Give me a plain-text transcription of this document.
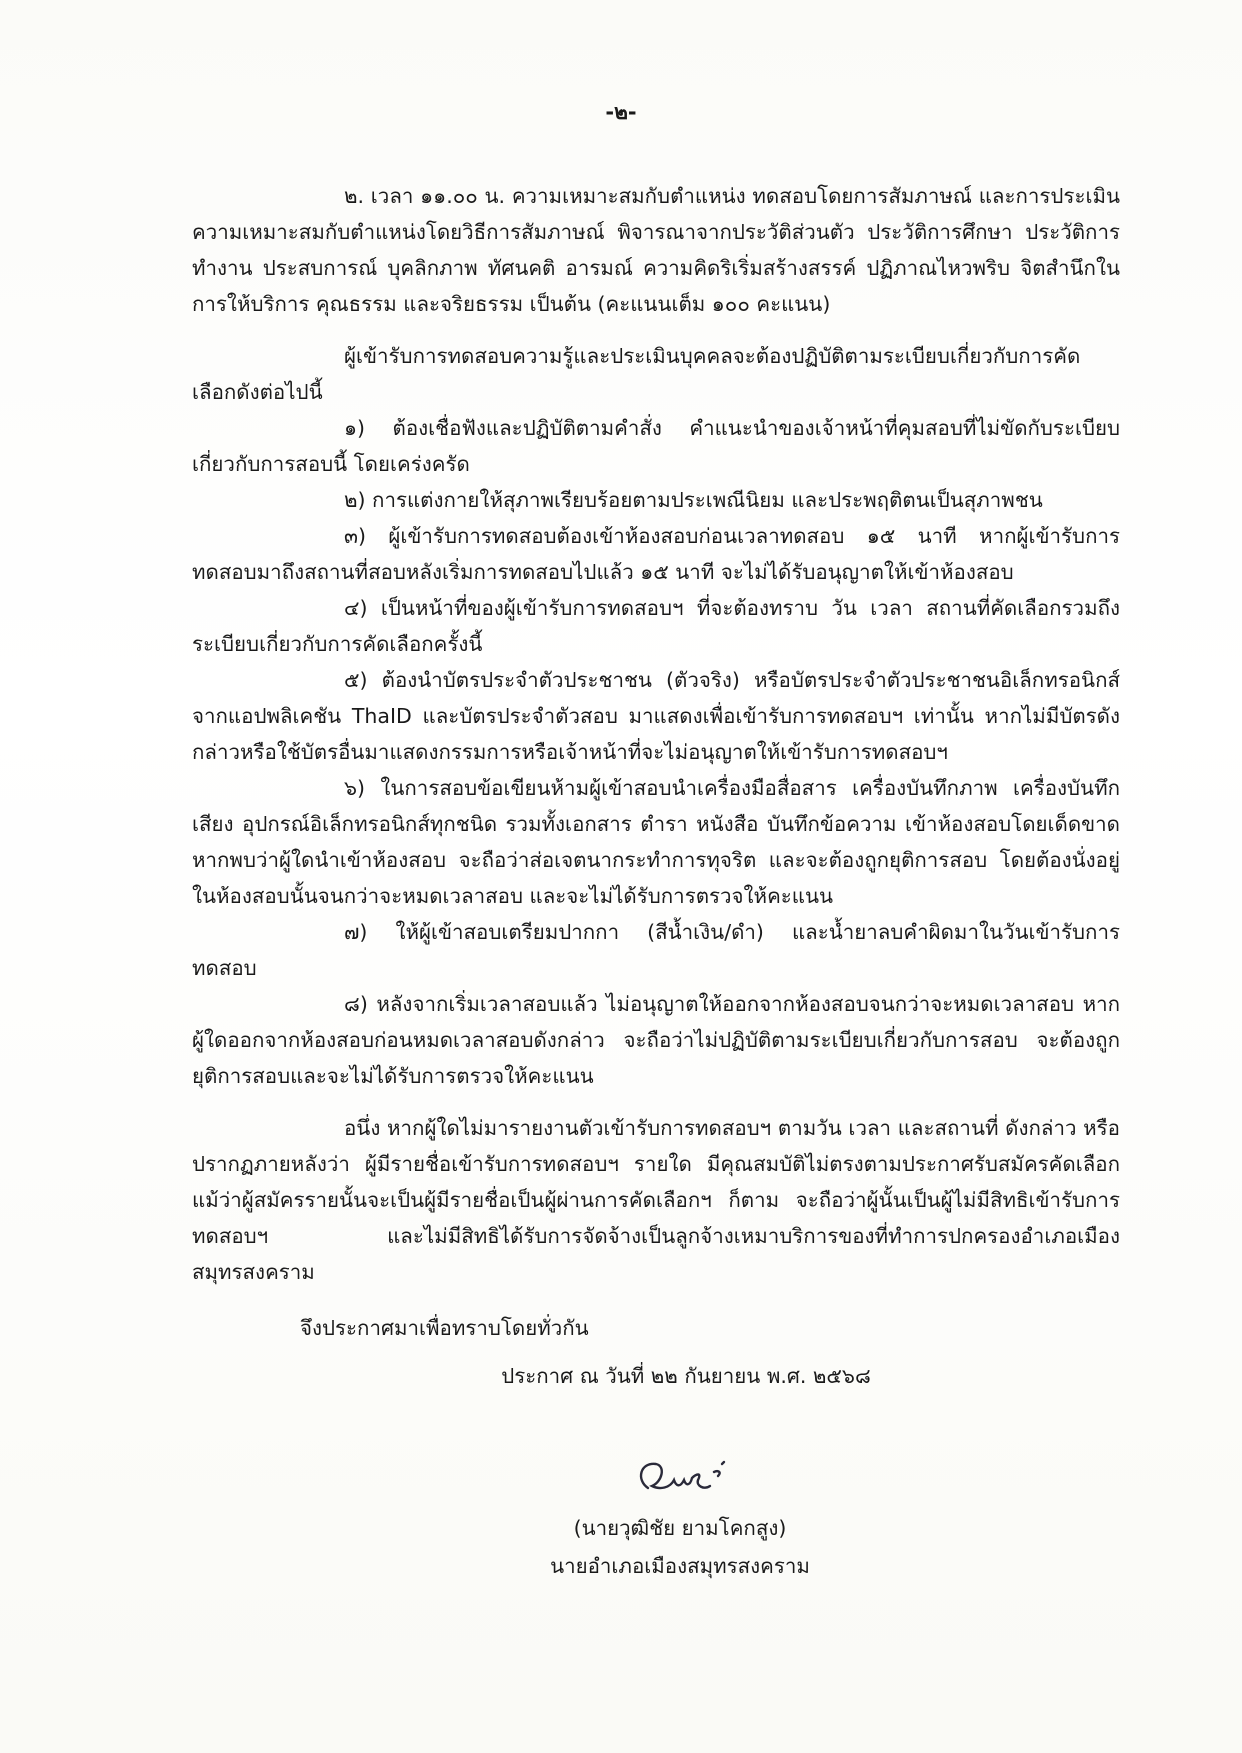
-๒-

๒. เวลา ๑๑.๐๐ น. ความเหมาะสมกับตำแหน่ง ทดสอบโดยการสัมภาษณ์ และการประเมินความเหมาะสมกับตำแหน่งโดยวิธีการสัมภาษณ์ พิจารณาจากประวัติส่วนตัว ประวัติการศึกษา ประวัติการทำงาน ประสบการณ์ บุคลิกภาพ ทัศนคติ อารมณ์ ความคิดริเริ่มสร้างสรรค์ ปฏิภาณไหวพริบ จิตสำนึกในการให้บริการ คุณธรรม และจริยธรรม เป็นต้น (คะแนนเต็ม ๑๐๐ คะแนน)

ผู้เข้ารับการทดสอบความรู้และประเมินบุคคลจะต้องปฏิบัติตามระเบียบเกี่ยวกับการคัดเลือกดังต่อไปนี้

๑) ต้องเชื่อฟังและปฏิบัติตามคำสั่ง คำแนะนำของเจ้าหน้าที่คุมสอบที่ไม่ขัดกับระเบียบเกี่ยวกับการสอบนี้ โดยเคร่งครัด

๒) การแต่งกายให้สุภาพเรียบร้อยตามประเพณีนิยม และประพฤติตนเป็นสุภาพชน

๓) ผู้เข้ารับการทดสอบต้องเข้าห้องสอบก่อนเวลาทดสอบ ๑๕ นาที หากผู้เข้ารับการทดสอบมาถึงสถานที่สอบหลังเริ่มการทดสอบไปแล้ว ๑๕ นาที จะไม่ได้รับอนุญาตให้เข้าห้องสอบ

๔) เป็นหน้าที่ของผู้เข้ารับการทดสอบฯ ที่จะต้องทราบ วัน เวลา สถานที่คัดเลือกรวมถึงระเบียบเกี่ยวกับการคัดเลือกครั้งนี้

๕) ต้องนำบัตรประจำตัวประชาชน (ตัวจริง) หรือบัตรประจำตัวประชาชนอิเล็กทรอนิกส์จากแอปพลิเคชัน ThaID และบัตรประจำตัวสอบ มาแสดงเพื่อเข้ารับการทดสอบฯ เท่านั้น หากไม่มีบัตรดังกล่าวหรือใช้บัตรอื่นมาแสดงกรรมการหรือเจ้าหน้าที่จะไม่อนุญาตให้เข้ารับการทดสอบฯ

๖) ในการสอบข้อเขียนห้ามผู้เข้าสอบนำเครื่องมือสื่อสาร เครื่องบันทึกภาพ เครื่องบันทึกเสียง อุปกรณ์อิเล็กทรอนิกส์ทุกชนิด รวมทั้งเอกสาร ตำรา หนังสือ บันทึกข้อความ เข้าห้องสอบโดยเด็ดขาด หากพบว่าผู้ใดนำเข้าห้องสอบ จะถือว่าส่อเจตนากระทำการทุจริต และจะต้องถูกยุติการสอบ โดยต้องนั่งอยู่ในห้องสอบนั้นจนกว่าจะหมดเวลาสอบ และจะไม่ได้รับการตรวจให้คะแนน

๗) ให้ผู้เข้าสอบเตรียมปากกา (สีน้ำเงิน/ดำ) และน้ำยาลบคำผิดมาในวันเข้ารับการทดสอบ

๘) หลังจากเริ่มเวลาสอบแล้ว ไม่อนุญาตให้ออกจากห้องสอบจนกว่าจะหมดเวลาสอบ หากผู้ใดออกจากห้องสอบก่อนหมดเวลาสอบดังกล่าว จะถือว่าไม่ปฏิบัติตามระเบียบเกี่ยวกับการสอบ จะต้องถูกยุติการสอบและจะไม่ได้รับการตรวจให้คะแนน

อนึ่ง หากผู้ใดไม่มารายงานตัวเข้ารับการทดสอบฯ ตามวัน เวลา และสถานที่ ดังกล่าว หรือปรากฏภายหลังว่า ผู้มีรายชื่อเข้ารับการทดสอบฯ รายใด มีคุณสมบัติไม่ตรงตามประกาศรับสมัครคัดเลือก แม้ว่าผู้สมัครรายนั้นจะเป็นผู้มีรายชื่อเป็นผู้ผ่านการคัดเลือกฯ ก็ตาม จะถือว่าผู้นั้นเป็นผู้ไม่มีสิทธิเข้ารับการทดสอบฯ และไม่มีสิทธิได้รับการจัดจ้างเป็นลูกจ้างเหมาบริการของที่ทำการปกครองอำเภอเมืองสมุทรสงคราม

จึงประกาศมาเพื่อทราบโดยทั่วกัน

ประกาศ ณ วันที่ ๒๒ กันยายน พ.ศ. ๒๕๖๘

(นายวุฒิชัย ยามโคกสูง)
นายอำเภอเมืองสมุทรสงคราม
